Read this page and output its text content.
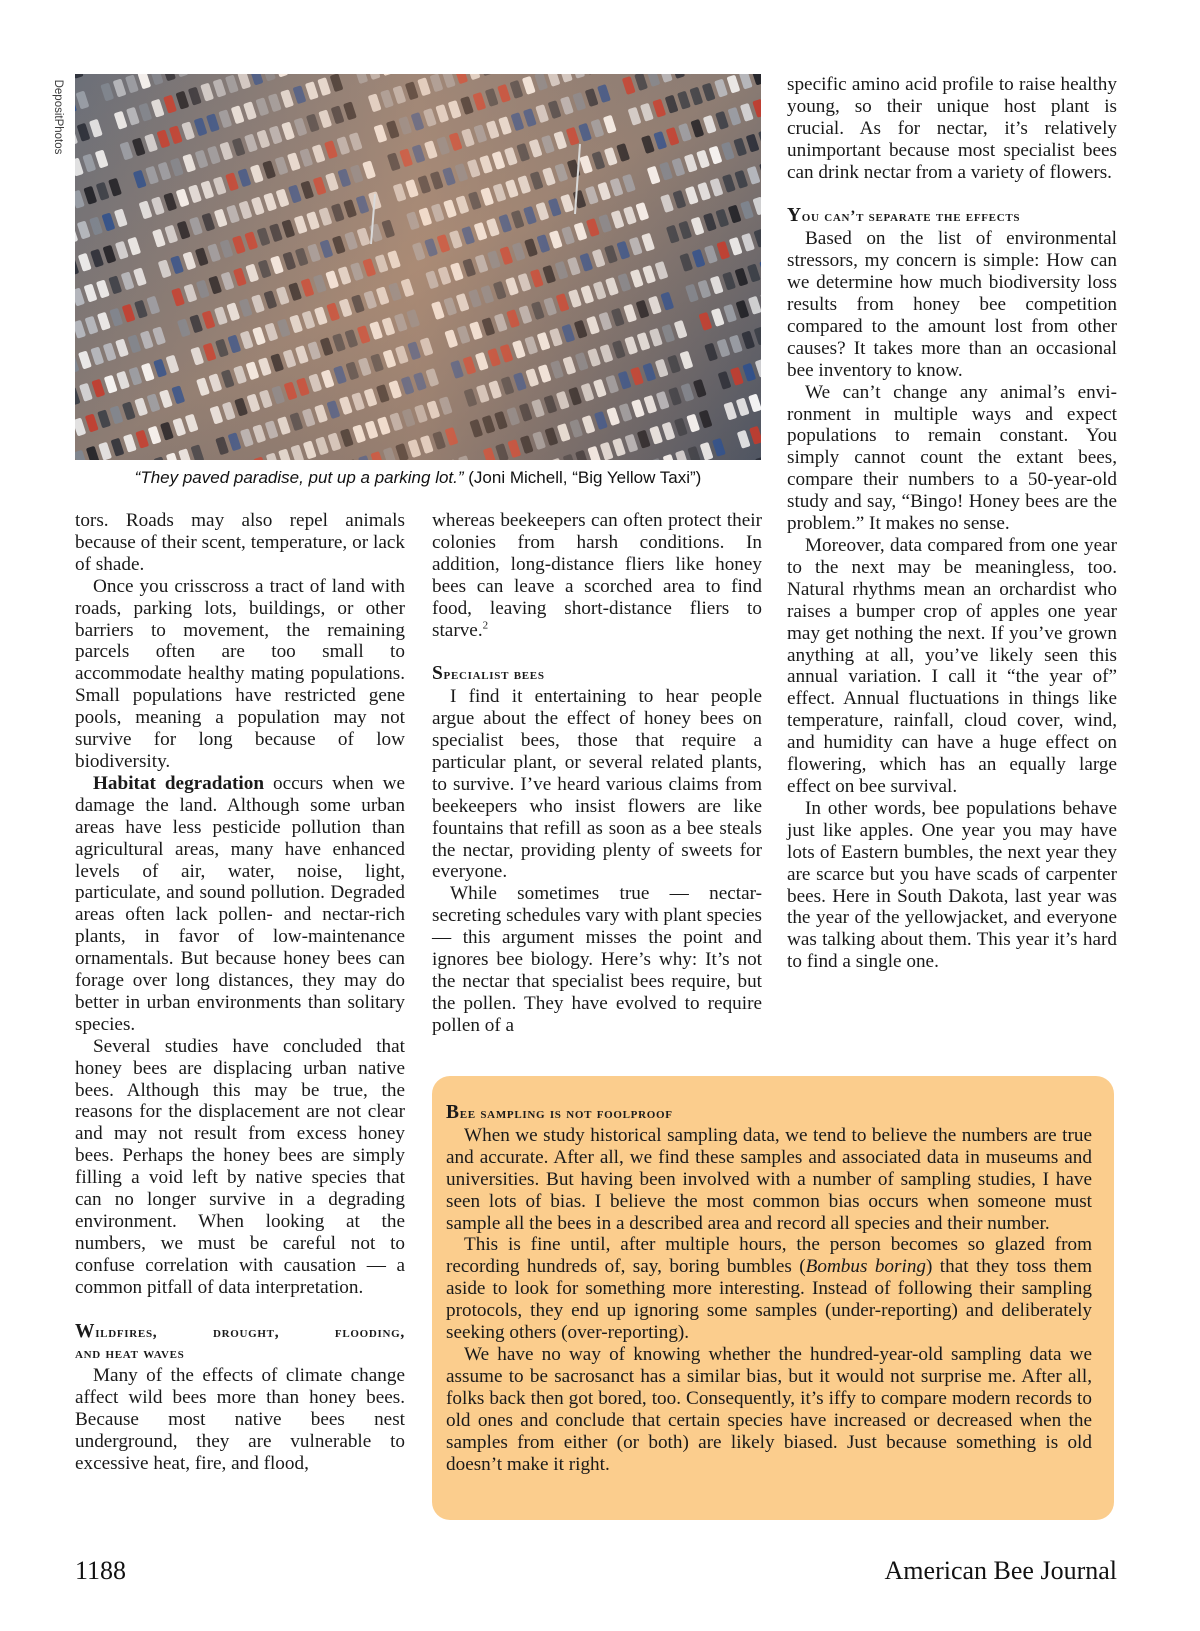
DepositPhotos
“They paved paradise, put up a parking lot.” (Joni Michell, “Big Yellow Taxi”)

tors. Roads may also repel animals because of their scent, temperature, or lack of shade.

Once you crisscross a tract of land with roads, parking lots, buildings, or other barriers to movement, the remaining parcels often are too small to accommodate healthy mating populations. Small populations have restricted gene pools, meaning a population may not survive for long because of low biodiversity.

Habitat degradation occurs when we damage the land. Although some urban areas have less pesticide pollution than agricultural areas, many have enhanced levels of air, water, noise, light, particulate, and sound pollution. Degraded areas often lack pollen- and nectar-rich plants, in favor of low-maintenance ornamentals. But because honey bees can forage over long distances, they may do better in urban environments than solitary species.

Several studies have concluded that honey bees are displacing urban native bees. Although this may be true, the reasons for the displacement are not clear and may not result from excess honey bees. Perhaps the honey bees are simply filling a void left by native species that can no longer survive in a degrading environment. When looking at the numbers, we must be careful not to confuse correlation with causation — a common pitfall of data interpretation.

Wildfires, drought, flooding,
and heat waves

Many of the effects of climate change affect wild bees more than honey bees. Because most native bees nest underground, they are vulnerable to excessive heat, fire, and flood,

whereas beekeepers can often protect their colonies from harsh conditions. In addition, long-distance fliers like honey bees can leave a scorched area to find food, leaving short-distance fliers to starve.$^2$

Specialist bees

I find it entertaining to hear people argue about the effect of honey bees on specialist bees, those that require a particular plant, or several related plants, to survive. I’ve heard various claims from beekeepers who insist flowers are like fountains that refill as soon as a bee steals the nectar, providing plenty of sweets for everyone.

While sometimes true — nectar-secreting schedules vary with plant species — this argument misses the point and ignores bee biology. Here’s why: It’s not the nectar that specialist bees require, but the pollen. They have evolved to require pollen of a

specific amino acid profile to raise healthy young, so their unique host plant is crucial. As for nectar, it’s relatively unimportant because most specialist bees can drink nectar from a variety of flowers.

You can’t separate the effects

Based on the list of environmental stressors, my concern is simple: How can we determine how much biodiversity loss results from honey bee competition compared to the amount lost from other causes? It takes more than an occasional bee inventory to know.

We can’t change any animal’s environment in multiple ways and expect populations to remain constant. You simply cannot count the extant bees, compare their numbers to a 50-year-old study and say, “Bingo! Honey bees are the problem.” It makes no sense.

Moreover, data compared from one year to the next may be meaningless, too. Natural rhythms mean an orchardist who raises a bumper crop of apples one year may get nothing the next. If you’ve grown anything at all, you’ve likely seen this annual variation. I call it “the year of” effect. Annual fluctuations in things like temperature, rainfall, cloud cover, wind, and humidity can have a huge effect on flowering, which has an equally large effect on bee survival.

In other words, bee populations behave just like apples. One year you may have lots of Eastern bumbles, the next year they are scarce but you have scads of carpenter bees. Here in South Dakota, last year was the year of the yellowjacket, and everyone was talking about them. This year it’s hard to find a single one.

Bee sampling is not foolproof

When we study historical sampling data, we tend to believe the numbers are true and accurate. After all, we find these samples and associated data in museums and universities. But having been involved with a number of sampling studies, I have seen lots of bias. I believe the most common bias occurs when someone must sample all the bees in a described area and record all species and their number.

This is fine until, after multiple hours, the person becomes so glazed from recording hundreds of, say, boring bumbles (Bombus boring) that they toss them aside to look for something more interesting. Instead of following their sampling protocols, they end up ignoring some samples (under-reporting) and deliberately seeking others (over-reporting).

We have no way of knowing whether the hundred-year-old sampling data we assume to be sacrosanct has a similar bias, but it would not surprise me. After all, folks back then got bored, too. Consequently, it’s iffy to compare modern records to old ones and conclude that certain species have increased or decreased when the samples from either (or both) are likely biased. Just because something is old doesn’t make it right.

1188	American Bee Journal
